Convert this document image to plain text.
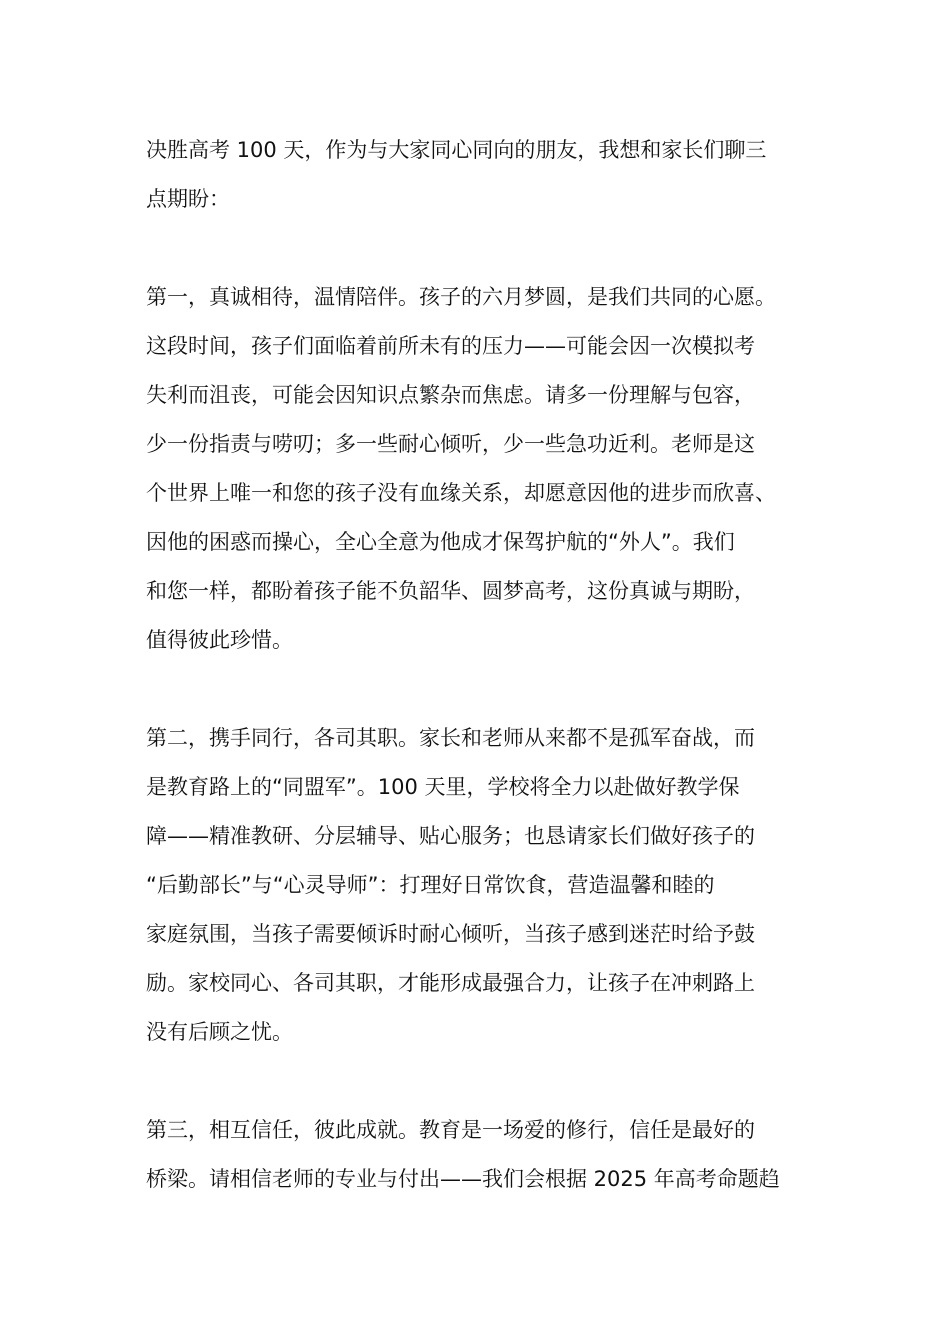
决胜高考 100 天，作为与大家同心同向的朋友，我想和家长们聊三
点期盼：
第一，真诚相待，温情陪伴。孩子的六月梦圆，是我们共同的心愿。
这段时间，孩子们面临着前所未有的压力——可能会因一次模拟考
失利而沮丧，可能会因知识点繁杂而焦虑。请多一份理解与包容，
少一份指责与唠叨；多一些耐心倾听，少一些急功近利。老师是这
个世界上唯一和您的孩子没有血缘关系，却愿意因他的进步而欣喜、
因他的困惑而操心，全心全意为他成才保驾护航的“外人”。我们
和您一样，都盼着孩子能不负韶华、圆梦高考，这份真诚与期盼，
值得彼此珍惜。
第二，携手同行，各司其职。家长和老师从来都不是孤军奋战，而
是教育路上的“同盟军”。100 天里，学校将全力以赴做好教学保
障——精准教研、分层辅导、贴心服务；也恳请家长们做好孩子的
“后勤部长”与“心灵导师”：打理好日常饮食，营造温馨和睦的
家庭氛围，当孩子需要倾诉时耐心倾听，当孩子感到迷茫时给予鼓
励。家校同心、各司其职，才能形成最强合力，让孩子在冲刺路上
没有后顾之忧。
第三，相互信任，彼此成就。教育是一场爱的修行，信任是最好的
桥梁。请相信老师的专业与付出——我们会根据 2025 年高考命题趋
